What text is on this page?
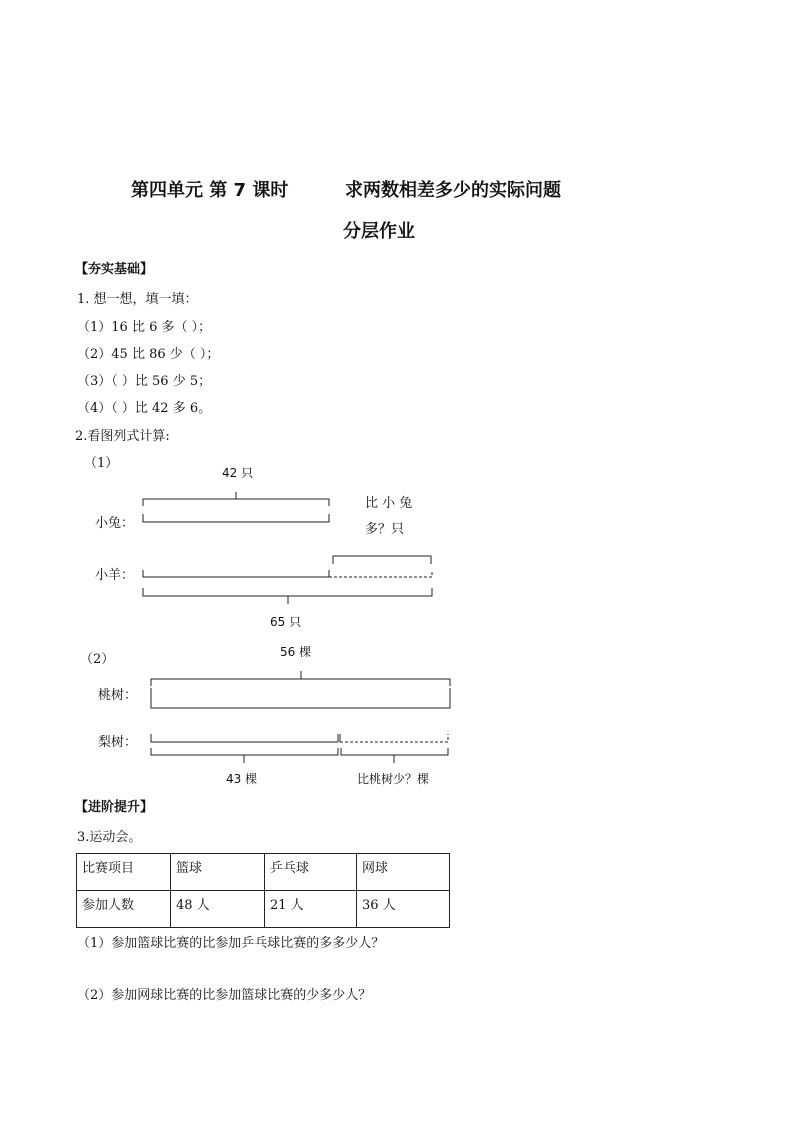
第四单元 第 7 课时	求两数相差多少的实际问题
分层作业
【夯实基础】
1. 想一想，填一填：
（1）16 比 6 多（ ）；
（2）45 比 86 少（ ）；
（3）（ ）比 56 少 5；
（4）（ ）比 42 多 6。
2.看图列式计算:
（1）
42 只
小兔：
小羊：
比 小 兔
多？只
65 只
（2）	56 棵
桃树：
梨树：
43 棵	比桃树少？棵
【进阶提升】
3.运动会。
比赛项目	篮球	乒乓球	网球
参加人数	48 人	21 人	36 人
（1）参加篮球比赛的比参加乒乓球比赛的多多少人？
（2）参加网球比赛的比参加篮球比赛的少多少人？
